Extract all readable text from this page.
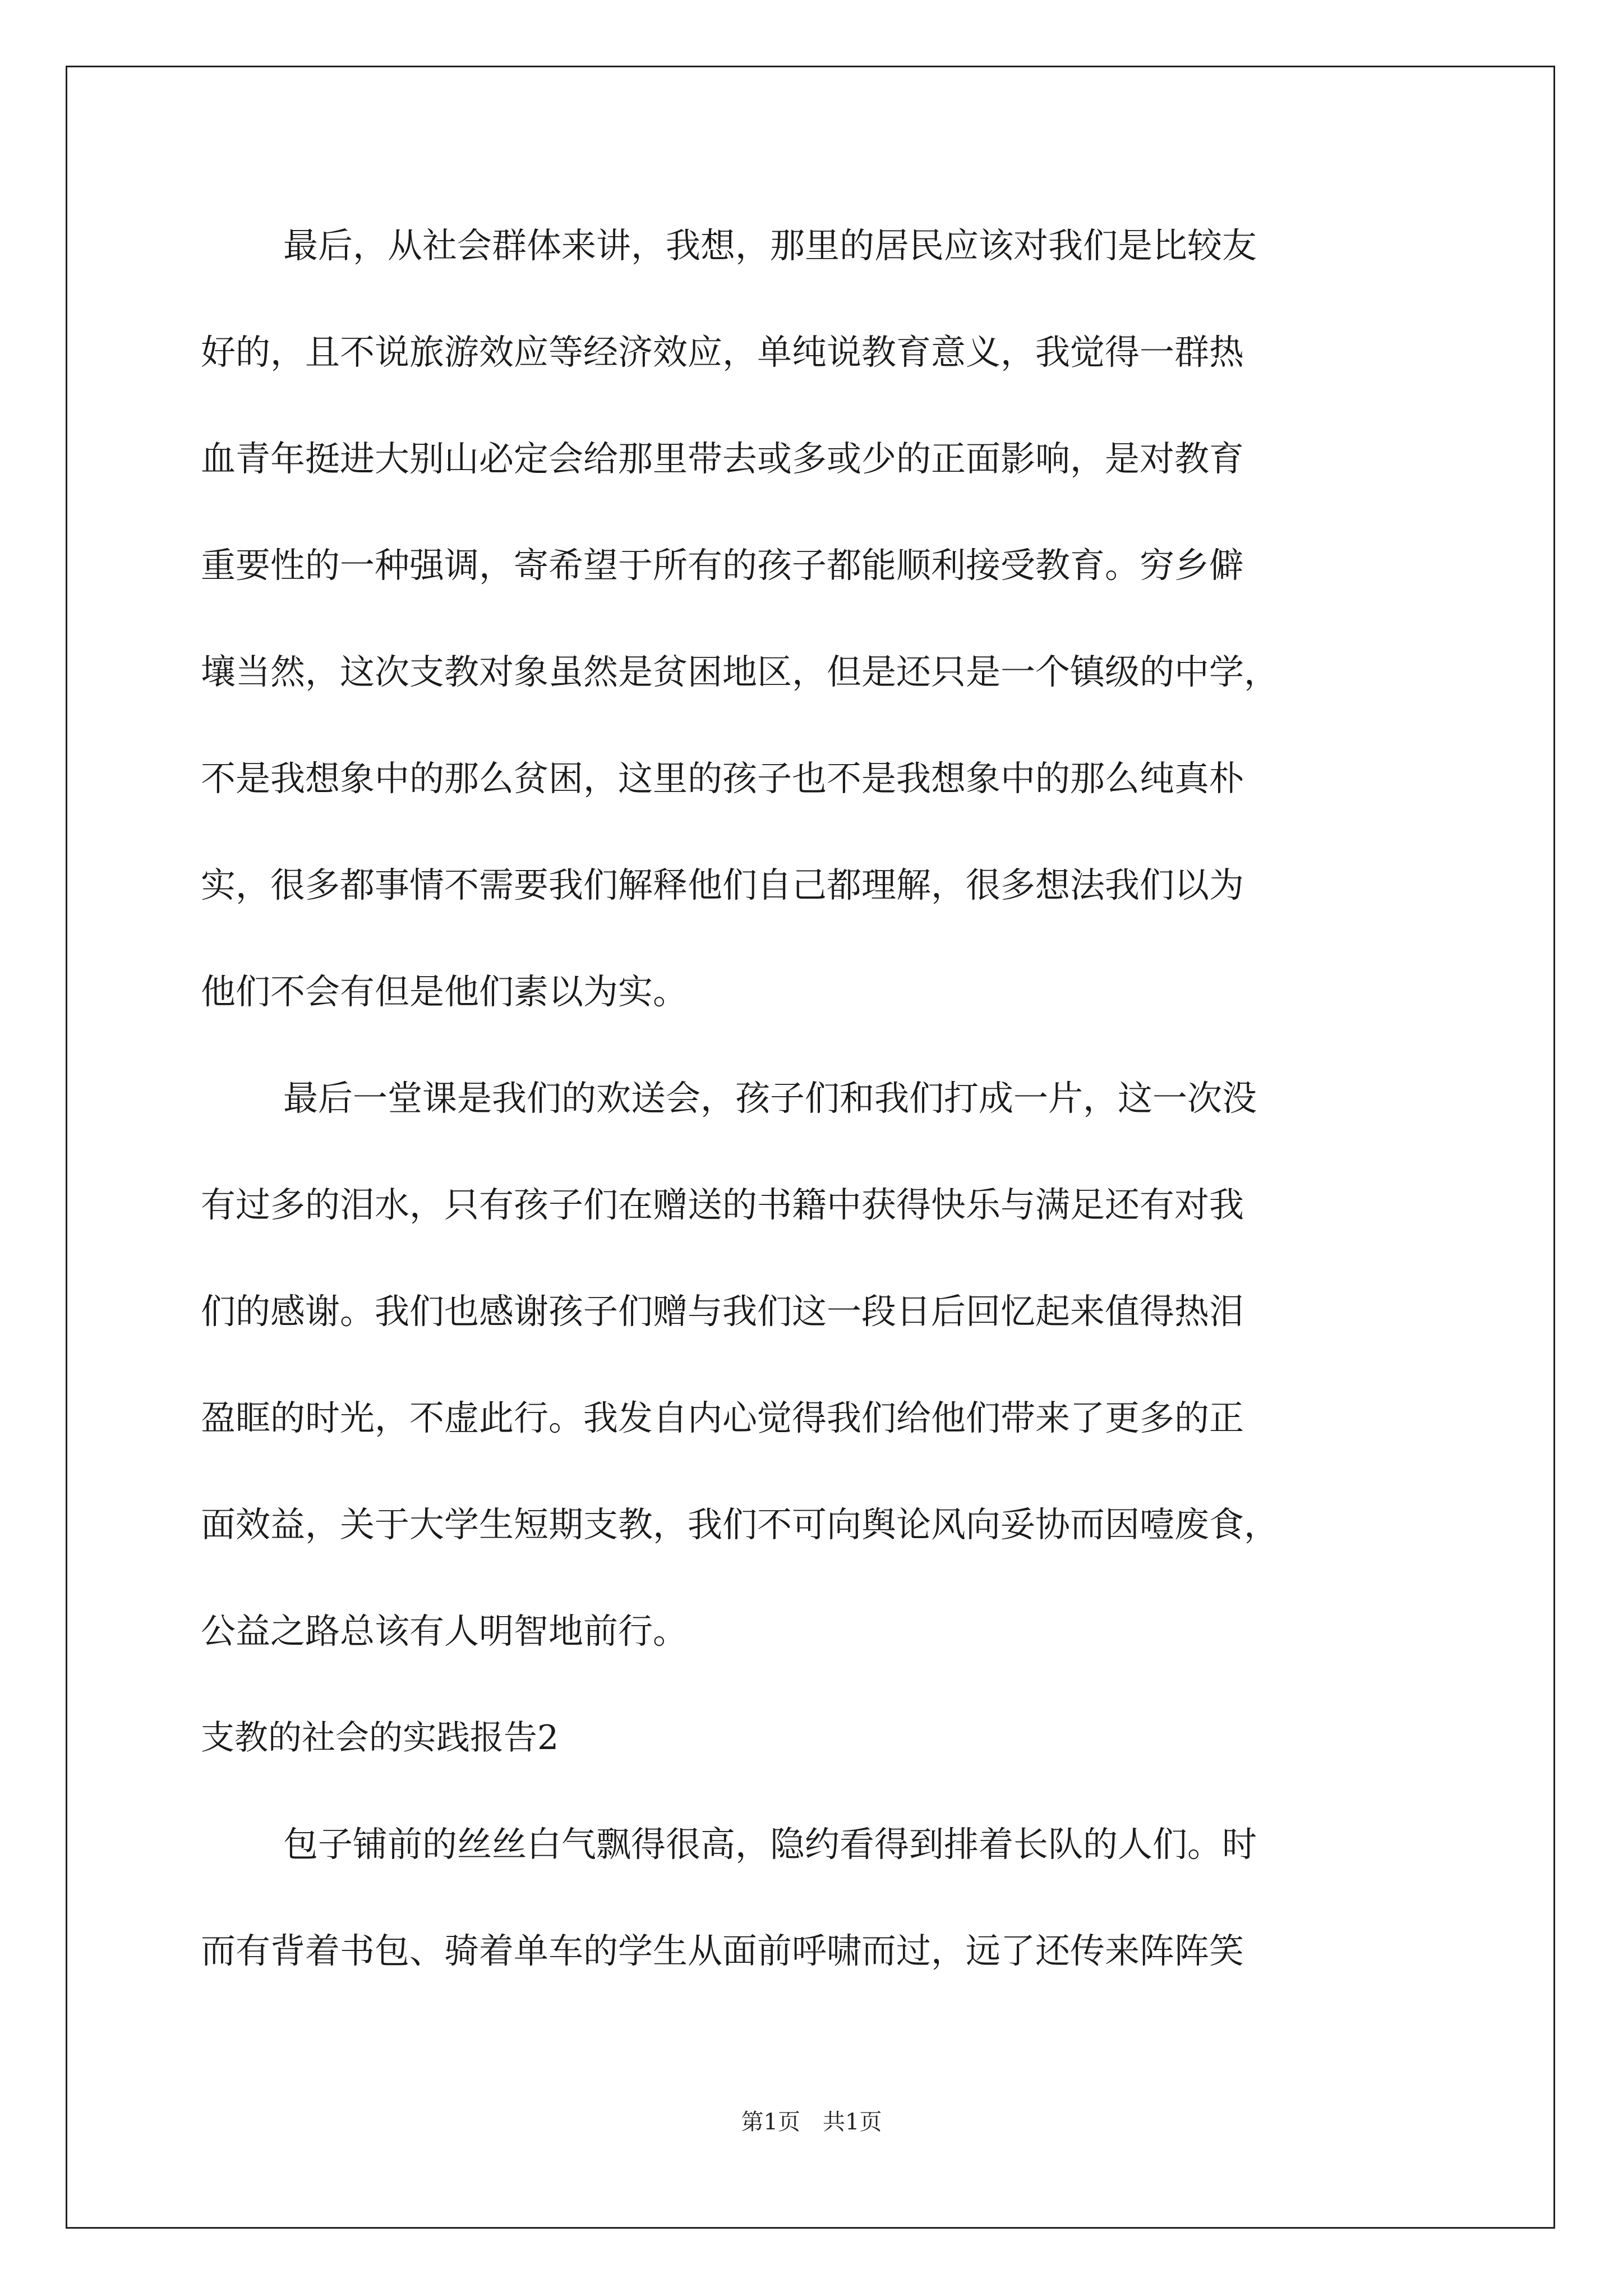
最后，从社会群体来讲，我想，那里的居民应该对我们是比较友
好的，且不说旅游效应等经济效应，单纯说教育意义，我觉得一群热
血青年挺进大别山必定会给那里带去或多或少的正面影响，是对教育
重要性的一种强调，寄希望于所有的孩子都能顺利接受教育。穷乡僻
壤当然，这次支教对象虽然是贫困地区，但是还只是一个镇级的中学，
不是我想象中的那么贫困，这里的孩子也不是我想象中的那么纯真朴
实，很多都事情不需要我们解释他们自己都理解，很多想法我们以为
他们不会有但是他们素以为实。
最后一堂课是我们的欢送会，孩子们和我们打成一片，这一次没
有过多的泪水，只有孩子们在赠送的书籍中获得快乐与满足还有对我
们的感谢。我们也感谢孩子们赠与我们这一段日后回忆起来值得热泪
盈眶的时光，不虚此行。我发自内心觉得我们给他们带来了更多的正
面效益，关于大学生短期支教，我们不可向舆论风向妥协而因噎废食，
公益之路总该有人明智地前行。
支教的社会的实践报告2
包子铺前的丝丝白气飘得很高，隐约看得到排着长队的人们。时
而有背着书包、骑着单车的学生从面前呼啸而过，远了还传来阵阵笑
第1页　共1页
